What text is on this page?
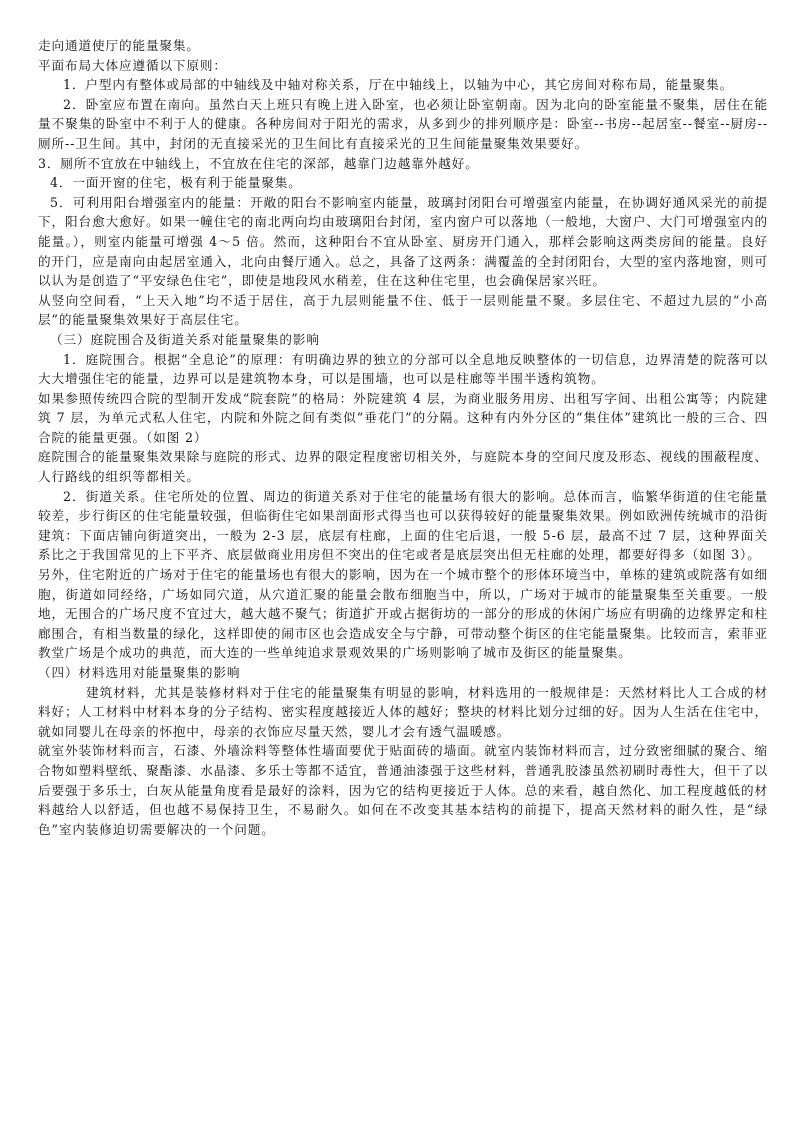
走向通道使厅的能量聚集。

平面布局大体应遵循以下原则：

1．户型内有整体或局部的中轴线及中轴对称关系，厅在中轴线上，以轴为中心，其它房间对称布局，能量聚集。

2．卧室应布置在南向。虽然白天上班只有晚上进入卧室，也必须让卧室朝南。因为北向的卧室能量不聚集，居住在能量不聚集的卧室中不利于人的健康。各种房间对于阳光的需求，从多到少的排列顺序是：卧室--书房--起居室--餐室--厨房--厕所--卫生间。其中，封闭的无直接采光的卫生间比有直接采光的卫生间能量聚集效果要好。

3．厕所不宜放在中轴线上，不宜放在住宅的深部，越靠门边越靠外越好。

4．一面开窗的住宅，极有利于能量聚集。

5．可利用阳台增强室内的能量：开敞的阳台不影响室内能量，玻璃封闭阳台可增强室内能量，在协调好通风采光的前提下，阳台愈大愈好。如果一幢住宅的南北两向均由玻璃阳台封闭，室内窗户可以落地（一般地，大窗户、大门可增强室内的能量。），则室内能量可增强 4～5 倍。然而，这种阳台不宜从卧室、厨房开门通入，那样会影响这两类房间的能量。良好的开门，应是南向由起居室通入，北向由餐厅通入。总之，具备了这两条：满覆盖的全封闭阳台，大型的室内落地窗，则可以认为是创造了“平安绿色住宅”，即使是地段风水稍差，住在这种住宅里，也会确保居家兴旺。

从竖向空间看，“上天入地”均不适于居住，高于九层则能量不住、低于一层则能量不聚。多层住宅、不超过九层的“小高层”的能量聚集效果好于高层住宅。

（三）庭院围合及街道关系对能量聚集的影响

1．庭院围合。根据“全息论”的原理：有明确边界的独立的分部可以全息地反映整体的一切信息，边界清楚的院落可以大大增强住宅的能量，边界可以是建筑物本身，可以是围墙，也可以是柱廊等半围半透构筑物。

如果参照传统四合院的型制开发成“院套院”的格局：外院建筑 4 层，为商业服务用房、出租写字间、出租公寓等；内院建筑 7 层，为单元式私人住宅，内院和外院之间有类似“垂花门”的分隔。这种有内外分区的“集住体”建筑比一般的三合、四合院的能量更强。（如图 2）

庭院围合的能量聚集效果除与庭院的形式、边界的限定程度密切相关外，与庭院本身的空间尺度及形态、视线的围蔽程度、人行路线的组织等都相关。

2．街道关系。住宅所处的位置、周边的街道关系对于住宅的能量场有很大的影响。总体而言，临繁华街道的住宅能量较差，步行街区的住宅能量较强，但临街住宅如果剖面形式得当也可以获得较好的能量聚集效果。例如欧洲传统城市的沿街建筑：下面店铺向街道突出，一般为 2-3 层，底层有柱廊，上面的住宅后退，一般 5-6 层，最高不过 7 层，这种界面关系比之于我国常见的上下平齐、底层做商业用房但不突出的住宅或者是底层突出但无柱廊的处理，都要好得多（如图 3）。

另外，住宅附近的广场对于住宅的能量场也有很大的影响，因为在一个城市整个的形体环境当中，单栋的建筑或院落有如细胞，街道如同经络，广场如同穴道，从穴道汇聚的能量会散布细胞当中，所以，广场对于城市的能量聚集至关重要。一般地，无围合的广场尺度不宜过大，越大越不聚气；街道扩开或占据街坊的一部分的形成的休闲广场应有明确的边缘界定和柱廊围合，有相当数量的绿化，这样即使的闹市区也会造成安全与宁静，可带动整个街区的住宅能量聚集。比较而言，索菲亚教堂广场是个成功的典范，而大连的一些单纯追求景观效果的广场则影响了城市及街区的能量聚集。

（四）材料选用对能量聚集的影响

建筑材料，尤其是装修材料对于住宅的能量聚集有明显的影响，材料选用的一般规律是：天然材料比人工合成的材料好；人工材料中材料本身的分子结构、密实程度越接近人体的越好；整块的材料比划分过细的好。因为人生活在住宅中，就如同婴儿在母亲的怀抱中，母亲的衣饰应尽量天然，婴儿才会有透气温暖感。

就室外装饰材料而言，石漆、外墙涂料等整体性墙面要优于贴面砖的墙面。就室内装饰材料而言，过分致密细腻的聚合、缩合物如塑料壁纸、聚酯漆、水晶漆、多乐士等都不适宜，普通油漆强于这些材料，普通乳胶漆虽然初刷时毒性大，但干了以后要强于多乐士，白灰从能量角度看是最好的涂料，因为它的结构更接近于人体。总的来看，越自然化、加工程度越低的材料越给人以舒适，但也越不易保持卫生，不易耐久。如何在不改变其基本结构的前提下，提高天然材料的耐久性，是“绿色”室内装修迫切需要解决的一个问题。
